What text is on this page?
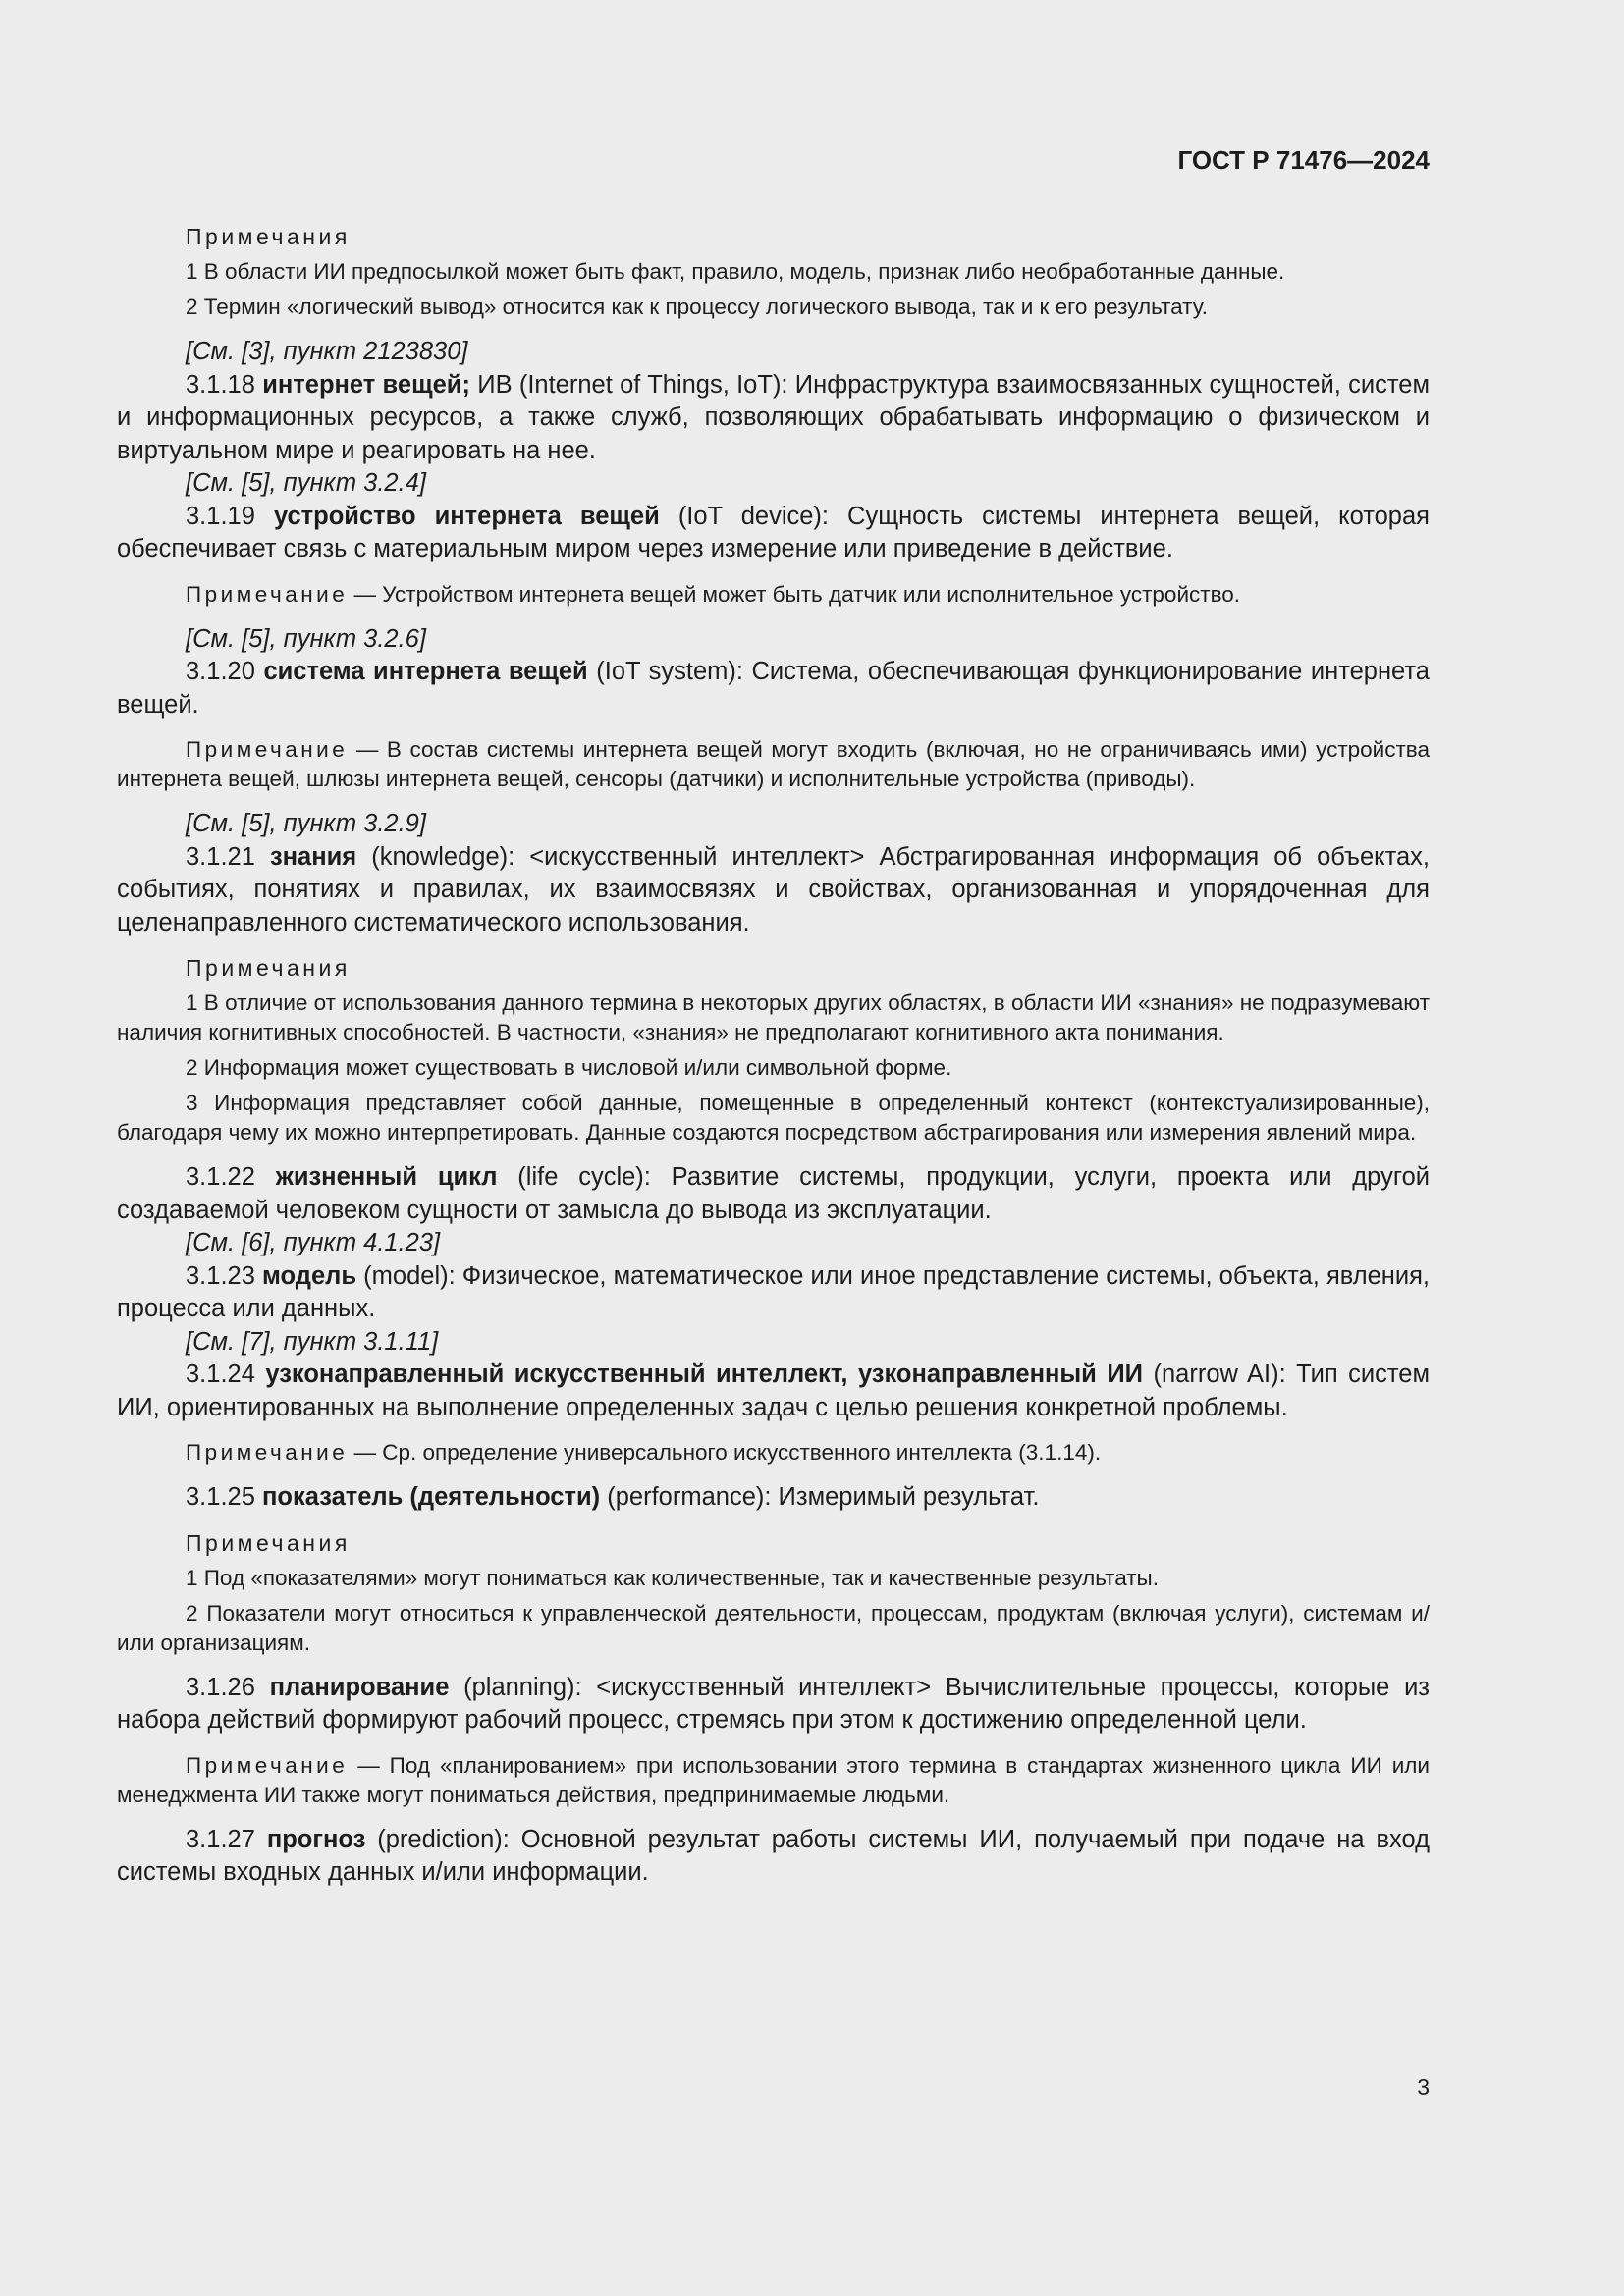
ГОСТ Р 71476—2024

Примечания

1 В области ИИ предпосылкой может быть факт, правило, модель, признак либо необработанные данные.

2 Термин «логический вывод» относится как к процессу логического вывода, так и к его результату.

[См. [3], пункт 2123830]

3.1.18 интернет вещей; ИВ (Internet of Things, IoT): Инфраструктура взаимосвязанных сущностей, систем и информационных ресурсов, а также служб, позволяющих обрабатывать информацию о физическом и виртуальном мире и реагировать на нее.

[См. [5], пункт 3.2.4]

3.1.19 устройство интернета вещей (IoT device): Сущность системы интернета вещей, которая обеспечивает связь с материальным миром через измерение или приведение в действие.

Примечание — Устройством интернета вещей может быть датчик или исполнительное устройство.

[См. [5], пункт 3.2.6]

3.1.20 система интернета вещей (IoT system): Система, обеспечивающая функционирование интернета вещей.

Примечание — В состав системы интернета вещей могут входить (включая, но не ограничиваясь ими) устройства интернета вещей, шлюзы интернета вещей, сенсоры (датчики) и исполнительные устройства (приводы).

[См. [5], пункт 3.2.9]

3.1.21 знания (knowledge): <искусственный интеллект> Абстрагированная информация об объектах, событиях, понятиях и правилах, их взаимосвязях и свойствах, организованная и упорядоченная для целенаправленного систематического использования.

Примечания

1 В отличие от использования данного термина в некоторых других областях, в области ИИ «знания» не подразумевают наличия когнитивных способностей. В частности, «знания» не предполагают когнитивного акта понимания.

2 Информация может существовать в числовой и/или символьной форме.

3 Информация представляет собой данные, помещенные в определенный контекст (контекстуализированные), благодаря чему их можно интерпретировать. Данные создаются посредством абстрагирования или измерения явлений мира.

3.1.22 жизненный цикл (life cycle): Развитие системы, продукции, услуги, проекта или другой создаваемой человеком сущности от замысла до вывода из эксплуатации.

[См. [6], пункт 4.1.23]

3.1.23 модель (model): Физическое, математическое или иное представление системы, объекта, явления, процесса или данных.

[См. [7], пункт 3.1.11]

3.1.24 узконаправленный искусственный интеллект, узконаправленный ИИ (narrow AI): Тип систем ИИ, ориентированных на выполнение определенных задач с целью решения конкретной проблемы.

Примечание — Ср. определение универсального искусственного интеллекта (3.1.14).

3.1.25 показатель (деятельности) (performance): Измеримый результат.

Примечания

1 Под «показателями» могут пониматься как количественные, так и качественные результаты.

2 Показатели могут относиться к управленческой деятельности, процессам, продуктам (включая услуги), системам и/или организациям.

3.1.26 планирование (planning): <искусственный интеллект> Вычислительные процессы, которые из набора действий формируют рабочий процесс, стремясь при этом к достижению определенной цели.

Примечание — Под «планированием» при использовании этого термина в стандартах жизненного цикла ИИ или менеджмента ИИ также могут пониматься действия, предпринимаемые людьми.

3.1.27 прогноз (prediction): Основной результат работы системы ИИ, получаемый при подаче на вход системы входных данных и/или информации.

3
